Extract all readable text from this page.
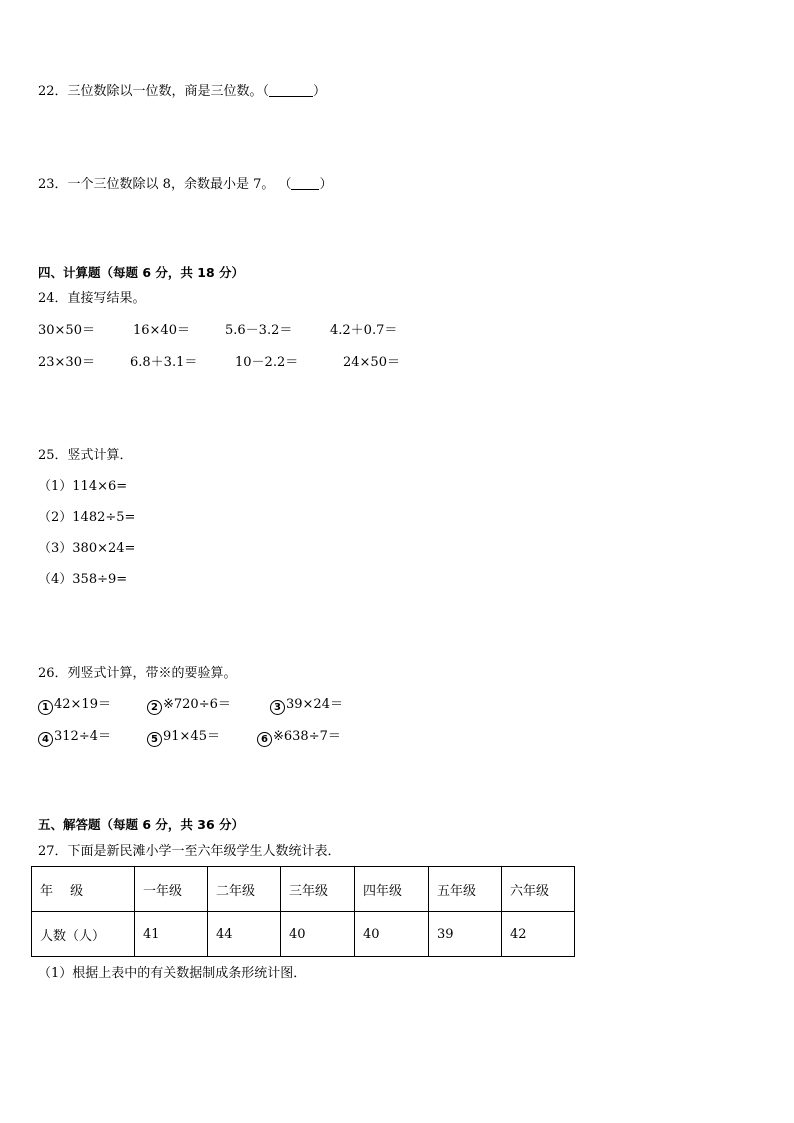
22．三位数除以一位数，商是三位数。（	）
23．一个三位数除以 8，余数最小是 7。 （ ）
四、计算题（每题 6 分，共 18 分）
24．直接写结果。
30×50＝	16×40＝	5.6－3.2＝	4.2＋0.7＝
23×30＝	6.8＋3.1＝	10－2.2＝	24×50＝
25．竖式计算．
（1）114×6=
（2）1482÷5=
（3）380×24=
（4）358÷9=
26．列竖式计算，带※的要验算。
1 42×19＝	2 ※720÷6＝	3 39×24＝
4 312÷4＝	5 91×45＝	6 ※638÷7＝
五、解答题（每题 6 分，共 36 分）
27．下面是新民滩小学一至六年级学生人数统计表．
年　 级	一年级	二年级	三年级	四年级	五年级	六年级
人数（人）	41	44	40	40	39	42
（1）根据上表中的有关数据制成条形统计图．
